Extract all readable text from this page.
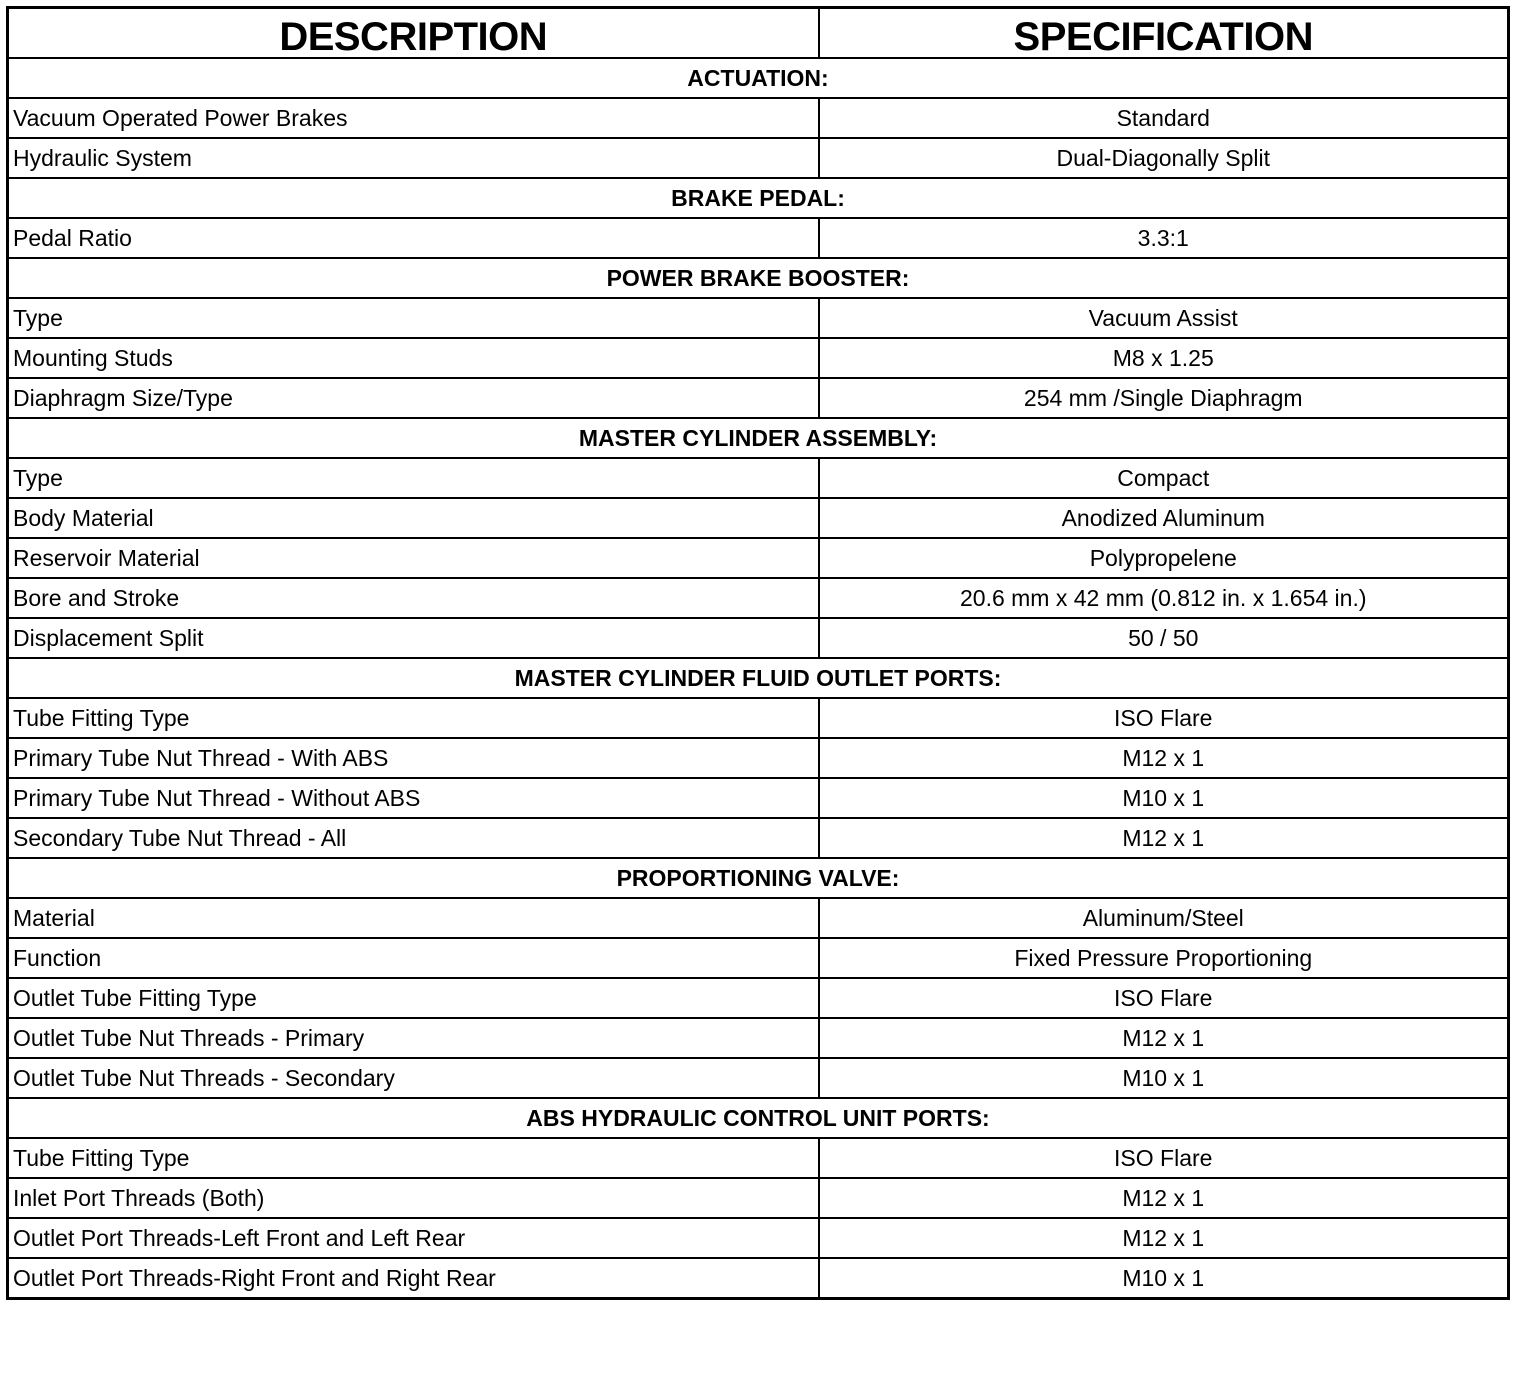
DESCRIPTION	SPECIFICATION
ACTUATION:	
Vacuum Operated Power Brakes	Standard
Hydraulic System	Dual-Diagonally Split
BRAKE PEDAL:	
Pedal Ratio	3.3:1
POWER BRAKE BOOSTER:	
Type	Vacuum Assist
Mounting Studs	M8 x 1.25
Diaphragm Size/Type	254 mm /Single Diaphragm
MASTER CYLINDER ASSEMBLY:	
Type	Compact
Body Material	Anodized Aluminum
Reservoir Material	Polypropelene
Bore and Stroke	20.6 mm x 42 mm (0.812 in. x 1.654 in.)
Displacement Split	50 / 50
MASTER CYLINDER FLUID OUTLET PORTS:	
Tube Fitting Type	ISO Flare
Primary Tube Nut Thread - With ABS	M12 x 1
Primary Tube Nut Thread - Without ABS	M10 x 1
Secondary Tube Nut Thread - All	M12 x 1
PROPORTIONING VALVE:	
Material	Aluminum/Steel
Function	Fixed Pressure Proportioning
Outlet Tube Fitting Type	ISO Flare
Outlet Tube Nut Threads - Primary	M12 x 1
Outlet Tube Nut Threads - Secondary	M10 x 1
ABS HYDRAULIC CONTROL UNIT PORTS:	
Tube Fitting Type	ISO Flare
Inlet Port Threads (Both)	M12 x 1
Outlet Port Threads-Left Front and Left Rear	M12 x 1
Outlet Port Threads-Right Front and Right Rear	M10 x 1
